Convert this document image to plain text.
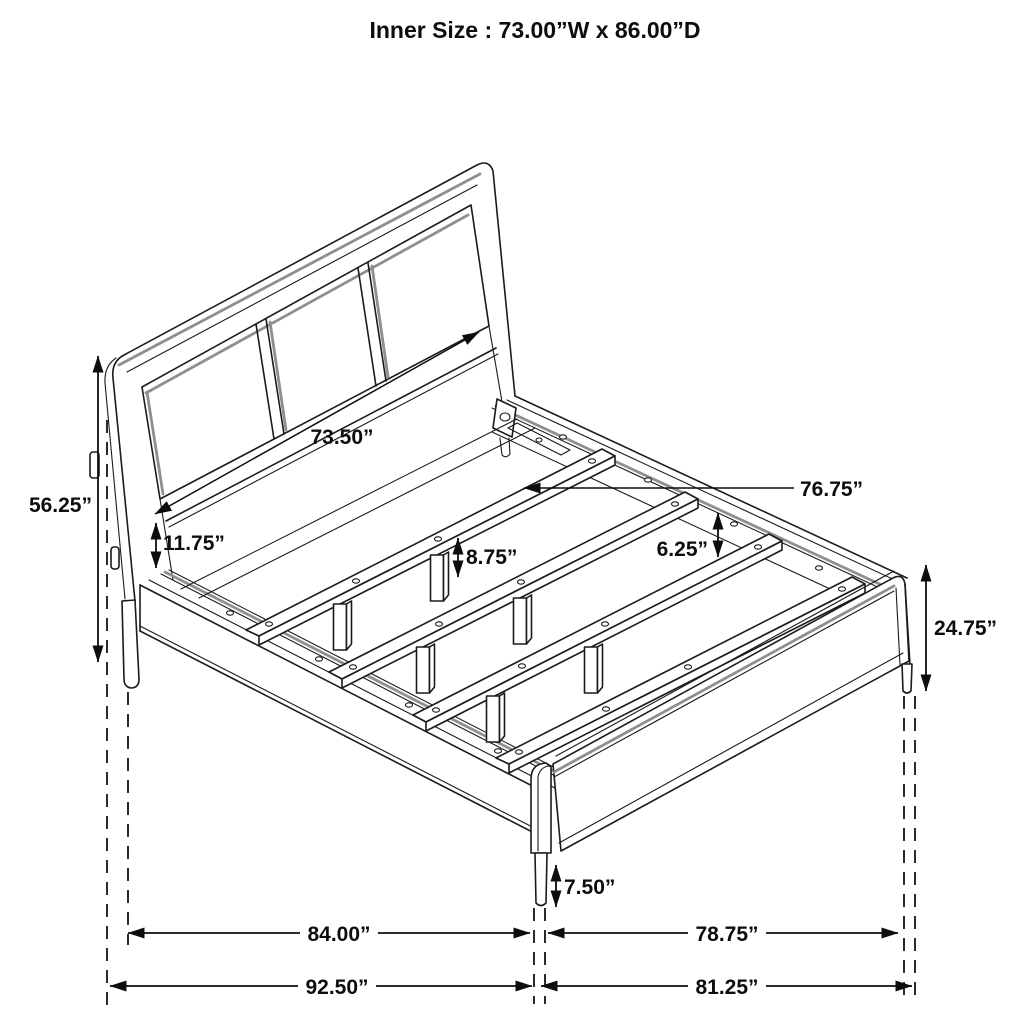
56.25”
73.50”
11.75”
8.75”
76.75”
6.25”
24.75”
7.50”
84.00”	78.75”
92.50”	81.25”
Inner Size : 73.00”W x 86.00”D
